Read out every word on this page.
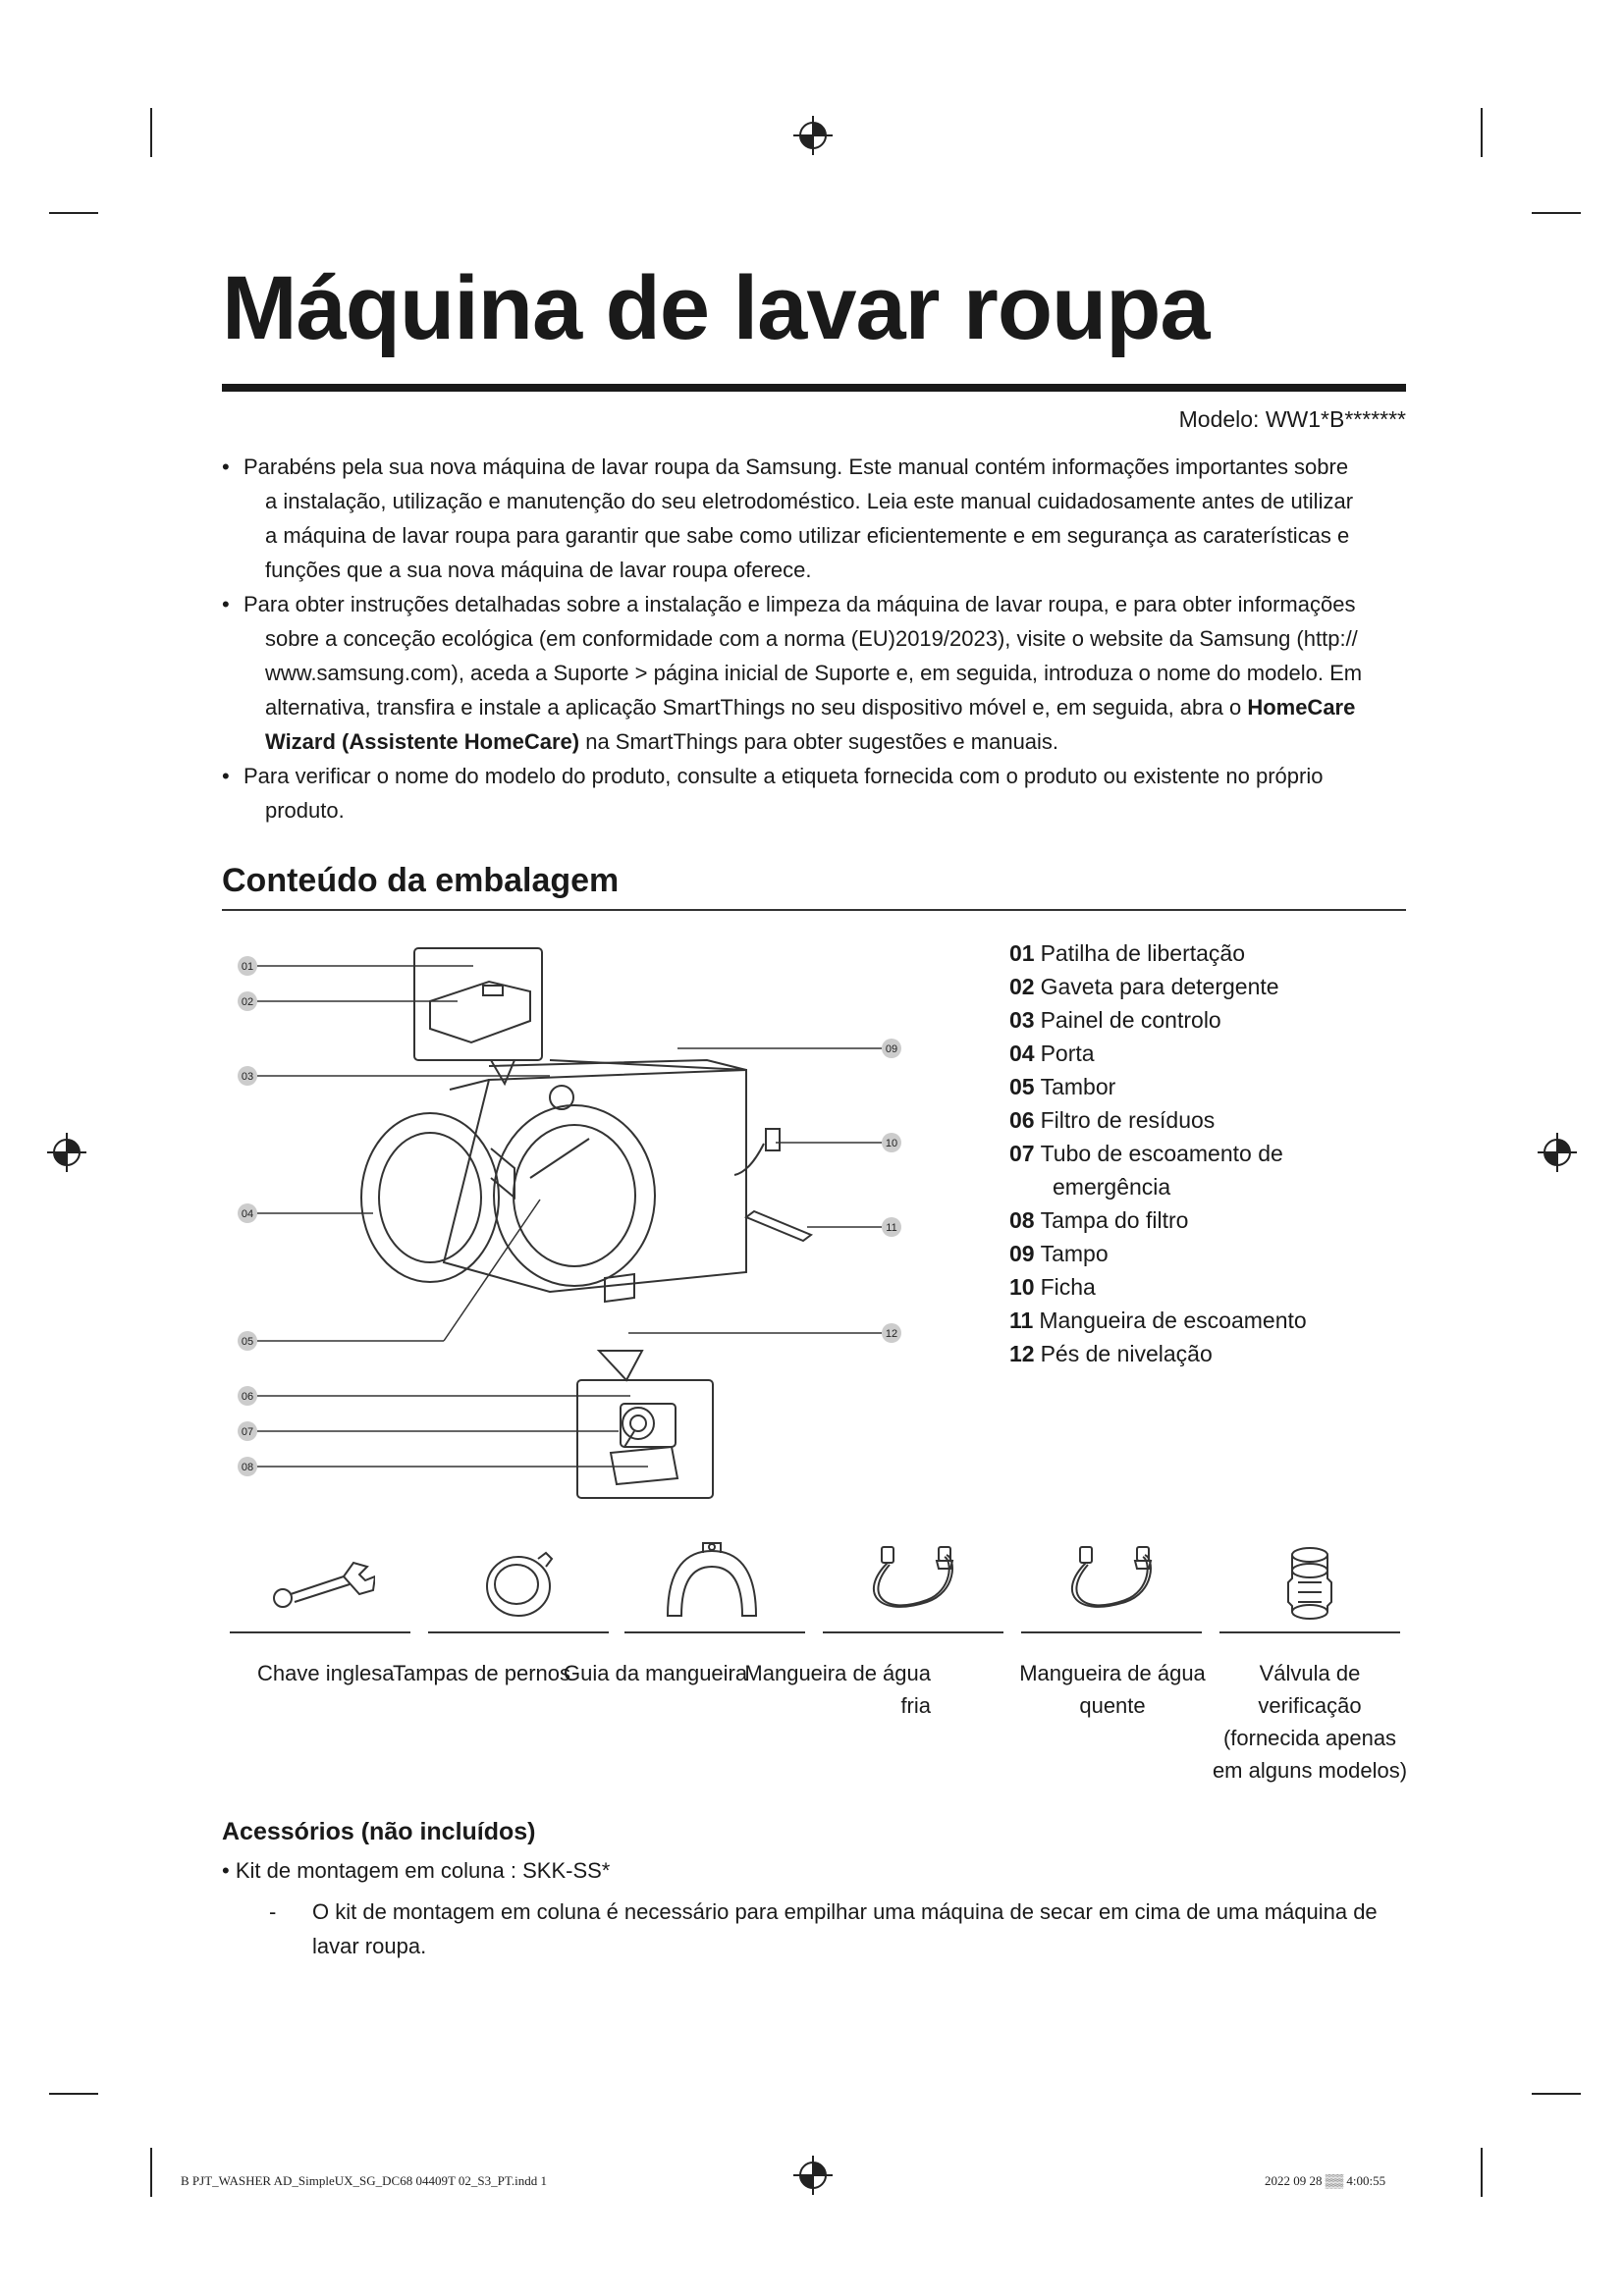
Máquina de lavar roupa
Modelo: WW1*B*******
• Parabéns pela sua nova máquina de lavar roupa da Samsung. Este manual contém informações importantes sobre
a instalação, utilização e manutenção do seu eletrodoméstico. Leia este manual cuidadosamente antes de utilizar
a máquina de lavar roupa para garantir que sabe como utilizar eficientemente e em segurança as caraterísticas e
funções que a sua nova máquina de lavar roupa oferece.
• Para obter instruções detalhadas sobre a instalação e limpeza da máquina de lavar roupa, e para obter informações
sobre a conceção ecológica (em conformidade com a norma (EU)2019/2023), visite o website da Samsung (http://
www.samsung.com), aceda a Suporte > página inicial de Suporte e, em seguida, introduza o nome do modelo. Em
alternativa, transfira e instale a aplicação SmartThings no seu dispositivo móvel e, em seguida, abra o HomeCare
Wizard (Assistente HomeCare) na SmartThings para obter sugestões e manuais.
• Para verificar o nome do modelo do produto, consulte a etiqueta fornecida com o produto ou existente no próprio
produto.
Conteúdo da embalagem
01
02
03
04
05
06
07
08
09
10
11
12
01 Patilha de libertação
02 Gaveta para detergente
03 Painel de controlo
04 Porta
05 Tambor
06 Filtro de resíduos
07 Tubo de escoamento de
emergência
08 Tampa do filtro
09 Tampo
10 Ficha
11 Mangueira de escoamento
12 Pés de nivelação
Chave inglesa
Tampas de pernos
Guia da mangueira
Mangueira de água
fria
Mangueira de água
quente
Válvula de
verificação
(fornecida apenas
em alguns modelos)
Acessórios (não incluídos)
• Kit de montagem em coluna : SKK-SS*
- O kit de montagem em coluna é necessário para empilhar uma máquina de secar em cima de uma máquina de
lavar roupa.
B PJT_WASHER AD_SimpleUX_SG_DC68 04409T 02_S3_PT.indd 1	2022 09 28 ▒▒ 4:00:55
